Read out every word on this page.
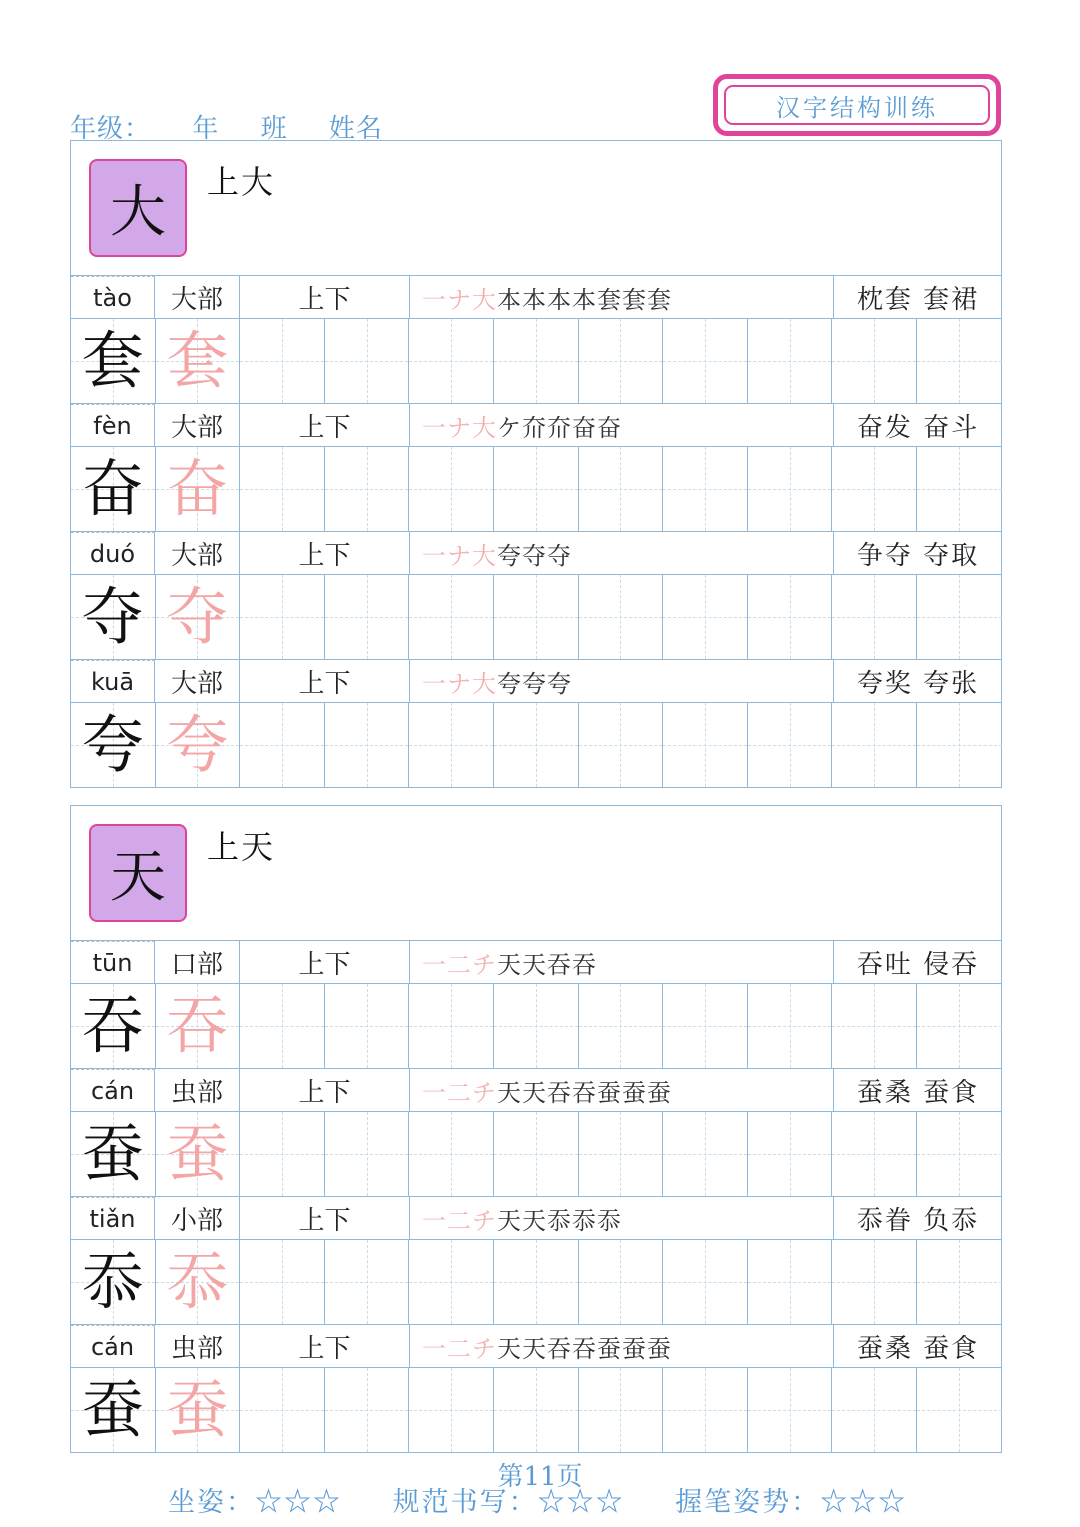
年级： 年 班 姓名
汉字结构训练
大	上大
tào	大部	上下	一 ナ 大 本 本 本 本 套 套 套	枕套 套裙
套 套
fèn	大部	上下	一 ナ 大 ケ 夼 夼 奋 奋	奋发 奋斗
奋 奋
duó	大部	上下	一 ナ 大 夸 夺 夺	争夺 夺取
夺 夺
kuā	大部	上下	一 ナ 大 夸 夸 夸	夸奖 夸张
夸 夸
天	上天
tūn	口部	上下	一 二 チ 天 天 吞 吞	吞吐 侵吞
吞 吞
cán	虫部	上下	一 二 チ 天 天 吞 吞 蚕 蚕 蚕	蚕桑 蚕食
蚕 蚕
tiǎn	小部	上下	一 二 チ 天 天 忝 忝 忝	忝眷 负忝
忝 忝
cán	虫部	上下	一 二 チ 天 天 吞 吞 蚕 蚕 蚕	蚕桑 蚕食
蚕 蚕
第11页
坐姿：☆☆☆ 规范书写：☆☆☆ 握笔姿势：☆☆☆
